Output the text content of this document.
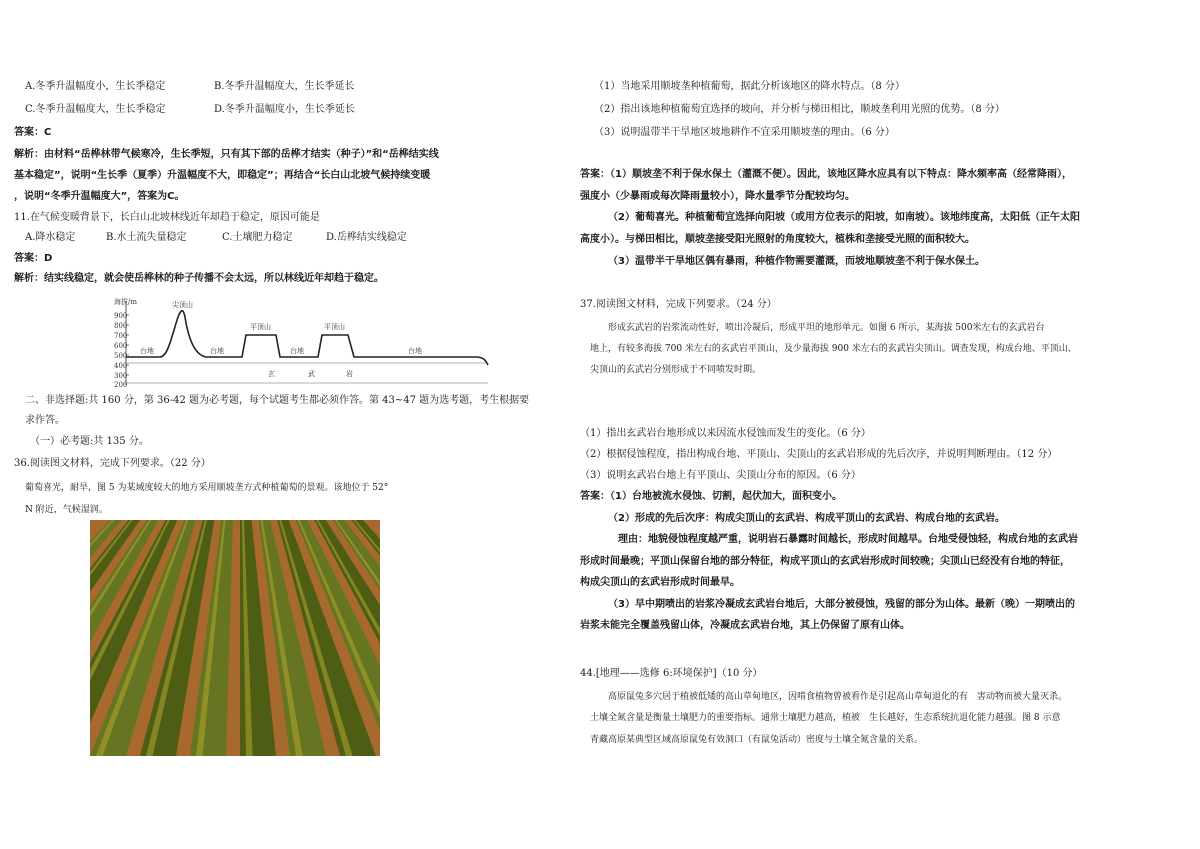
A.冬季升温幅度小，生长季稳定	B.冬季升温幅度大，生长季延长
C.冬季升温幅度大，生长季稳定	D.冬季升温幅度小，生长季延长
答案：C
解析：由材料“岳桦林带气候寒冷，生长季短，只有其下部的岳桦才结实（种子）”和“岳桦结实线
基本稳定”，说明“生长季（夏季）升温幅度不大，即稳定”；再结合“长白山北坡气候持续变暖
，说明“冬季升温幅度大”，答案为C。
11.在气候变暖背景下，长白山北坡林线近年却趋于稳定，原因可能是
A.降水稳定	B.水土流失量稳定	C.土壤肥力稳定	D.岳桦结实线稳定
答案：D
解析：结实线稳定，就会使岳桦林的种子传播不会太远，所以林线近年却趋于稳定。
海拔/m
900
800
700
600
500
400
300
200
尖顶山
平顶山	平顶山
台地	台地	台地	台地
玄	武	岩
二、非选择题:共 160 分，第 36-42 题为必考题，每个试题考生都必须作答。第 43~47 题为选考题，考生根据要
求作答。
（一）必考题:共 135 分。
36.阅读图文材料，完成下列要求。（22 分）
葡萄喜光，耐旱，图 5 为某域度较大的地方采用顺坡垄方式种植葡萄的景观。该地位于 52°
N 附近，气候湿润。
（1）当地采用顺坡垄种植葡萄，据此分析该地区的降水特点。（8 分）
（2）指出该地种植葡萄宜选择的坡向，并分析与梯田相比，顺坡垄利用光照的优势。（8 分）
（3）说明温带半干旱地区坡地耕作不宜采用顺坡垄的理由。（6 分）
答案：（1）顺坡垄不利于保水保土（灌溉不便）。因此，该地区降水应具有以下特点：降水频率高（经常降雨），
强度小（少暴雨或每次降雨量较小），降水量季节分配较均匀。
（2）葡萄喜光。种植葡萄宜选择向阳坡（或用方位表示的阳坡，如南坡）。该地纬度高，太阳低（正午太阳
高度小）。与梯田相比，顺坡垄接受阳光照射的角度较大，植株和垄接受光照的面积较大。
（3）温带半干旱地区偶有暴雨，种植作物需要灌溉，而坡地顺坡垄不利于保水保土。
37.阅读图文材料，完成下列要求。（24 分）
形成玄武岩的岩浆流动性好，喷出冷凝后，形成平坦的地形单元。如图 6 所示，某海拔 500米左右的玄武岩台
地上，有较多海拔 700 米左右的玄武岩平顶山，及少量海拔 900 米左右的玄武岩尖顶山。调查发现，构成台地、平顶山、
尖顶山的玄武岩分别形成于不同喷发时期。
（1）指出玄武岩台地形成以来因流水侵蚀而发生的变化。（6 分）
（2）根据侵蚀程度，指出构成台地、平顶山、尖顶山的玄武岩形成的先后次序，并说明判断理由。（12 分）
（3）说明玄武岩台地上有平顶山、尖顶山分布的原因。（6 分）
答案：（1）台地被流水侵蚀、切割，起伏加大，面积变小。
（2）形成的先后次序：构成尖顶山的玄武岩、构成平顶山的玄武岩、构成台地的玄武岩。
理由：地貌侵蚀程度越严重，说明岩石暴露时间越长，形成时间越早。台地受侵蚀轻，构成台地的玄武岩
形成时间最晚；平顶山保留台地的部分特征，构成平顶山的玄武岩形成时间较晚；尖顶山已经没有台地的特征，
构成尖顶山的玄武岩形成时间最早。
（3）早中期喷出的岩浆冷凝成玄武岩台地后，大部分被侵蚀，残留的部分为山体。最新（晚）一期喷出的
岩浆未能完全覆盖残留山体，冷凝成玄武岩台地，其上仍保留了原有山体。
44.[地理——选修 6:环境保护]（10 分）
高原鼠兔多穴居于植被低矮的高山草甸地区，因啃食植物曾被看作是引起高山草甸退化的有　害动物而被大量灭杀。
土壤全氮含量是衡量土壤肥力的重要指标。通常土壤肥力越高，植被　生长越好，生态系统抗退化能力越强。图 8 示意
青藏高原某典型区域高原鼠兔有效洞口（有鼠兔活动）密度与土壤全氮含量的关系。
